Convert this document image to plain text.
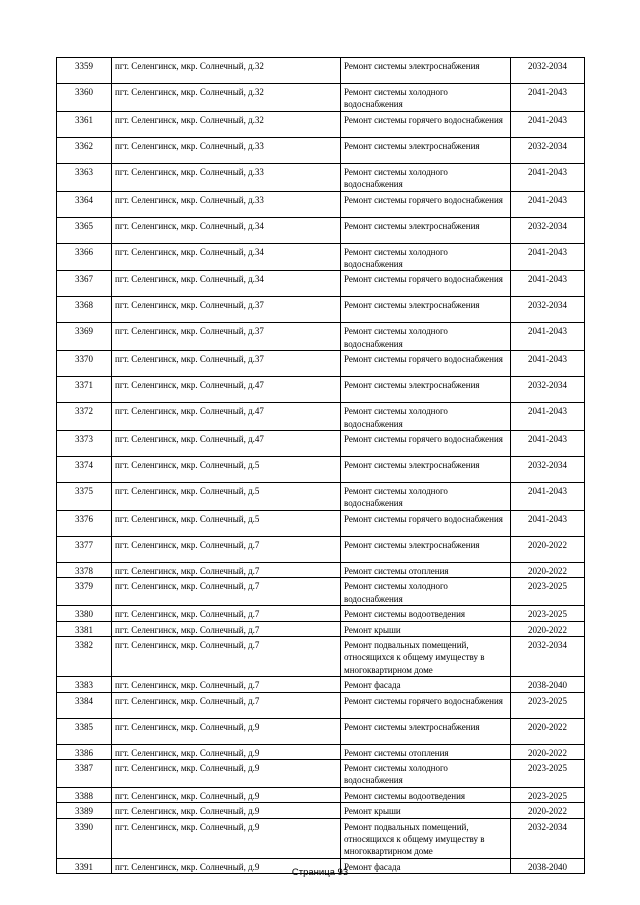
3359	пгт. Селенгинск, мкр. Солнечный, д.32	Ремонт системы электроснабжения	2032-2034
3360	пгт. Селенгинск, мкр. Солнечный, д.32	Ремонт системы холодного водоснабжения	2041-2043
3361	пгт. Селенгинск, мкр. Солнечный, д.32	Ремонт системы горячего водоснабжения	2041-2043
3362	пгт. Селенгинск, мкр. Солнечный, д.33	Ремонт системы электроснабжения	2032-2034
3363	пгт. Селенгинск, мкр. Солнечный, д.33	Ремонт системы холодного водоснабжения	2041-2043
3364	пгт. Селенгинск, мкр. Солнечный, д.33	Ремонт системы горячего водоснабжения	2041-2043
3365	пгт. Селенгинск, мкр. Солнечный, д.34	Ремонт системы электроснабжения	2032-2034
3366	пгт. Селенгинск, мкр. Солнечный, д.34	Ремонт системы холодного водоснабжения	2041-2043
3367	пгт. Селенгинск, мкр. Солнечный, д.34	Ремонт системы горячего водоснабжения	2041-2043
3368	пгт. Селенгинск, мкр. Солнечный, д.37	Ремонт системы электроснабжения	2032-2034
3369	пгт. Селенгинск, мкр. Солнечный, д.37	Ремонт системы холодного водоснабжения	2041-2043
3370	пгт. Селенгинск, мкр. Солнечный, д.37	Ремонт системы горячего водоснабжения	2041-2043
3371	пгт. Селенгинск, мкр. Солнечный, д.47	Ремонт системы электроснабжения	2032-2034
3372	пгт. Селенгинск, мкр. Солнечный, д.47	Ремонт системы холодного водоснабжения	2041-2043
3373	пгт. Селенгинск, мкр. Солнечный, д.47	Ремонт системы горячего водоснабжения	2041-2043
3374	пгт. Селенгинск, мкр. Солнечный, д.5	Ремонт системы электроснабжения	2032-2034
3375	пгт. Селенгинск, мкр. Солнечный, д.5	Ремонт системы холодного водоснабжения	2041-2043
3376	пгт. Селенгинск, мкр. Солнечный, д.5	Ремонт системы горячего водоснабжения	2041-2043
3377	пгт. Селенгинск, мкр. Солнечный, д.7	Ремонт системы электроснабжения	2020-2022
3378	пгт. Селенгинск, мкр. Солнечный, д.7	Ремонт системы отопления	2020-2022
3379	пгт. Селенгинск, мкр. Солнечный, д.7	Ремонт системы холодного водоснабжения	2023-2025
3380	пгт. Селенгинск, мкр. Солнечный, д.7	Ремонт системы водоотведения	2023-2025
3381	пгт. Селенгинск, мкр. Солнечный, д.7	Ремонт крыши	2020-2022
3382	пгт. Селенгинск, мкр. Солнечный, д.7	Ремонт подвальных помещений, относящихся к общему имуществу в многоквартирном доме	2032-2034
3383	пгт. Селенгинск, мкр. Солнечный, д.7	Ремонт фасада	2038-2040
3384	пгт. Селенгинск, мкр. Солнечный, д.7	Ремонт системы горячего водоснабжения	2023-2025
3385	пгт. Селенгинск, мкр. Солнечный, д.9	Ремонт системы электроснабжения	2020-2022
3386	пгт. Селенгинск, мкр. Солнечный, д.9	Ремонт системы отопления	2020-2022
3387	пгт. Селенгинск, мкр. Солнечный, д.9	Ремонт системы холодного водоснабжения	2023-2025
3388	пгт. Селенгинск, мкр. Солнечный, д.9	Ремонт системы водоотведения	2023-2025
3389	пгт. Селенгинск, мкр. Солнечный, д.9	Ремонт крыши	2020-2022
3390	пгт. Селенгинск, мкр. Солнечный, д.9	Ремонт подвальных помещений, относящихся к общему имуществу в многоквартирном доме	2032-2034
3391	пгт. Селенгинск, мкр. Солнечный, д.9	Ремонт фасада	2038-2040
Страница 93
